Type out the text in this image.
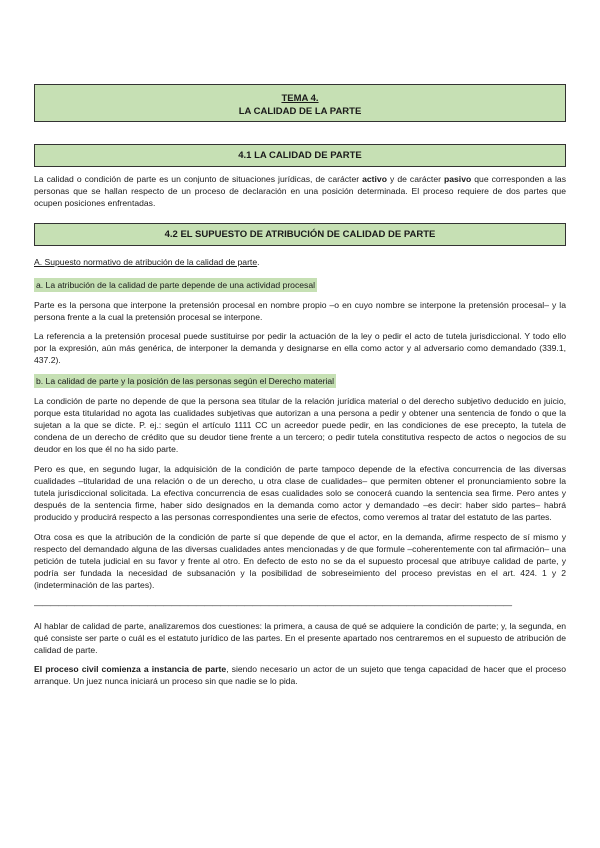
TEMA 4.
LA CALIDAD DE LA PARTE
4.1 LA CALIDAD DE PARTE

La calidad o condición de parte es un conjunto de situaciones jurídicas, de carácter activo y de carácter pasivo que corresponden a las personas que se hallan respecto de un proceso de declaración en una posición determinada. El proceso requiere de dos partes que ocupen posiciones enfrentadas.

4.2 EL SUPUESTO DE ATRIBUCIÓN DE CALIDAD DE PARTE
A. Supuesto normativo de atribución de la calidad de parte.
a. La atribución de la calidad de parte depende de una actividad procesal

Parte es la persona que interpone la pretensión procesal en nombre propio –o en cuyo nombre se interpone la pretensión procesal– y la persona frente a la cual la pretensión procesal se interpone.

La referencia a la pretensión procesal puede sustituirse por pedir la actuación de la ley o pedir el acto de tutela jurisdiccional. Y todo ello por la expresión, aún más genérica, de interponer la demanda y designarse en ella como actor y al adversario como demandado (339.1, 437.2).

b. La calidad de parte y la posición de las personas según el Derecho material

La condición de parte no depende de que la persona sea titular de la relación jurídica material o del derecho subjetivo deducido en juicio, porque esta titularidad no agota las cualidades subjetivas que autorizan a una persona a pedir y obtener una sentencia de fondo o que la sujetan a la que se dicte. P. ej.: según el artículo 1111 CC un acreedor puede pedir, en las condiciones de ese precepto, la tutela de condena de un derecho de crédito que su deudor tiene frente a un tercero; o pedir tutela constitutiva respecto de actos o negocios de su deudor en los que él no ha sido parte.

Pero es que, en segundo lugar, la adquisición de la condición de parte tampoco depende de la efectiva concurrencia de las diversas cualidades –titularidad de una relación o de un derecho, u otra clase de cualidades– que permiten obtener el pronunciamiento sobre la tutela jurisdiccional solicitada. La efectiva concurrencia de esas cualidades solo se conocerá cuando la sentencia sea firme. Pero antes y después de la sentencia firme, haber sido designados en la demanda como actor y demandado –es decir: haber sido partes– habrá producido y producirá respecto a las personas correspondientes una serie de efectos, como veremos al tratar del estatuto de las partes.

Otra cosa es que la atribución de la condición de parte sí que depende de que el actor, en la demanda, afirme respecto de sí mismo y respecto del demandado alguna de las diversas cualidades antes mencionadas y de que formule –coherentemente con tal afirmación– una petición de tutela judicial en su favor y frente al otro. En defecto de esto no se da el supuesto procesal que atribuye calidad de parte, y podría ser fundada la necesidad de subsanación y la posibilidad de sobreseimiento del proceso previstas en el art. 424. 1 y 2 (indeterminación de las partes).

———————————————————————————————————————————————————————————

Al hablar de calidad de parte, analizaremos dos cuestiones: la primera, a causa de qué se adquiere la condición de parte; y, la segunda, en qué consiste ser parte o cuál es el estatuto jurídico de las partes. En el presente apartado nos centraremos en el supuesto de atribución de calidad de parte.

El proceso civil comienza a instancia de parte, siendo necesario un actor de un sujeto que tenga capacidad de hacer que el proceso arranque. Un juez nunca iniciará un proceso sin que nadie se lo pida.
